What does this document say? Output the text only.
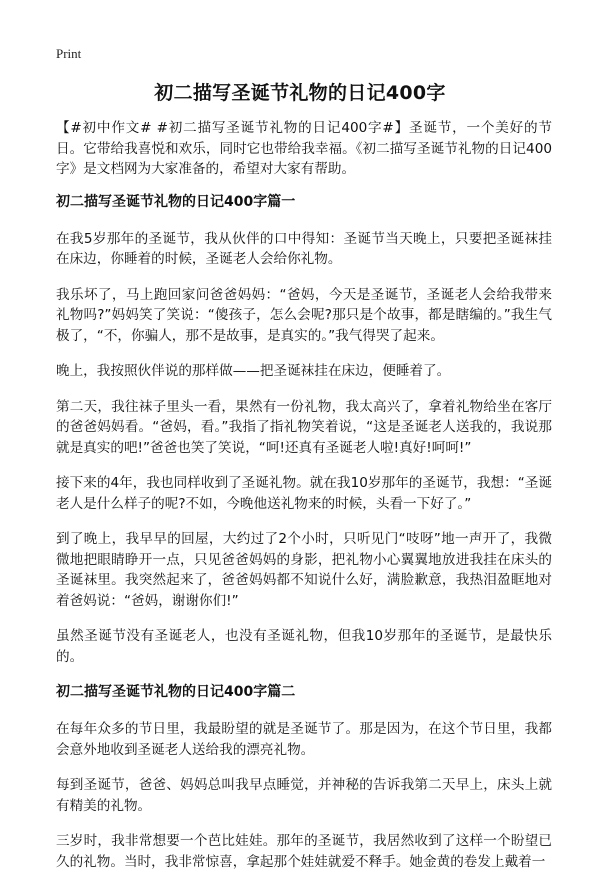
Print
初二描写圣诞节礼物的日记400字

【#初中作文# #初二描写圣诞节礼物的日记400字#】圣诞节，一个美好的节日。它带给我喜悦和欢乐，同时它也带给我幸福。《初二描写圣诞节礼物的日记400字》是文档网为大家准备的，希望对大家有帮助。

初二描写圣诞节礼物的日记400字篇一

在我5岁那年的圣诞节，我从伙伴的口中得知：圣诞节当天晚上，只要把圣诞袜挂在床边，你睡着的时候，圣诞老人会给你礼物。

我乐坏了，马上跑回家问爸爸妈妈：“爸妈，今天是圣诞节，圣诞老人会给我带来礼物吗?”妈妈笑了笑说：“傻孩子，怎么会呢?那只是个故事，都是瞎编的。”我生气极了，“不，你骗人，那不是故事，是真实的。”我气得哭了起来。

晚上，我按照伙伴说的那样做——把圣诞袜挂在床边，便睡着了。

第二天，我往袜子里头一看，果然有一份礼物，我太高兴了，拿着礼物给坐在客厅的爸爸妈妈看。“爸妈，看。”我指了指礼物笑着说，“这是圣诞老人送我的，我说那就是真实的吧!”爸爸也笑了笑说，“呵!还真有圣诞老人啦!真好!呵呵!”

接下来的4年，我也同样收到了圣诞礼物。就在我10岁那年的圣诞节，我想：“圣诞老人是什么样子的呢?不如，今晚他送礼物来的时候，头看一下好了。”

到了晚上，我早早的回屋，大约过了2个小时，只听见门“吱呀”地一声开了，我微微地把眼睛睁开一点，只见爸爸妈妈的身影，把礼物小心翼翼地放进我挂在床头的圣诞袜里。我突然起来了，爸爸妈妈都不知说什么好，满脸歉意，我热泪盈眶地对着爸妈说：“爸妈，谢谢你们!”

虽然圣诞节没有圣诞老人，也没有圣诞礼物，但我10岁那年的圣诞节，是最快乐的。

初二描写圣诞节礼物的日记400字篇二

在每年众多的节日里，我最盼望的就是圣诞节了。那是因为，在这个节日里，我都会意外地收到圣诞老人送给我的漂亮礼物。

每到圣诞节，爸爸、妈妈总叫我早点睡觉，并神秘的告诉我第二天早上，床头上就有精美的礼物。

三岁时，我非常想要一个芭比娃娃。那年的圣诞节，我居然收到了这样一个盼望已久的礼物。当时，我非常惊喜，拿起那个娃娃就爱不释手。她金黄的卷发上戴着一
